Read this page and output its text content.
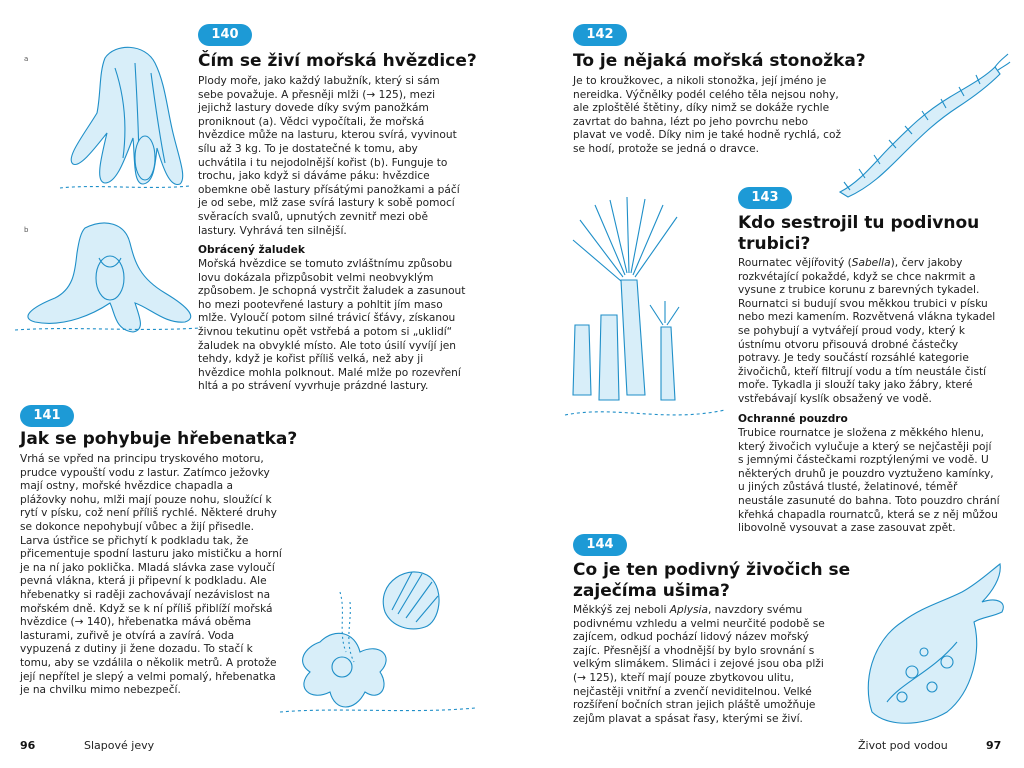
a
b
140
Čím se živí mořská hvězdice?

Plody moře, jako každý labužník, který si sám sebe považuje. A přesněji mlži (→ 125), mezi jejichž lastury dovede díky svým panožkám proniknout (a). Vědci vypočítali, že mořská hvězdice může na lasturu, kterou svírá, vyvinout sílu až 3 kg. To je dostatečné k tomu, aby uchvátila i tu nejodolnější kořist (b). Funguje to trochu, jako když si dáváme páku: hvězdice obemkne obě lastury přísátými panožkami a páčí je od sebe, mlž zase svírá lastury k sobě pomocí svěracích svalů, upnutých zevnitř mezi obě lastury. Vyhrává ten silnější.

Obrácený žaludek

Mořská hvězdice se tomuto zvláštnímu způsobu lovu dokázala přizpůsobit velmi neobvyklým způsobem. Je schopná vystrčit žaludek a zasunout ho mezi pootevřené lastury a pohltit jím maso mlže. Vyloučí potom silné trávicí šťávy, získanou živnou tekutinu opět vstřebá a potom si „uklidí“ žaludek na obvyklé místo. Ale toto úsilí vyvíjí jen tehdy, když je kořist příliš velká, než aby ji hvězdice mohla polknout. Malé mlže po rozevření hltá a po strávení vyvrhuje prázdné lastury.

141
Jak se pohybuje hřebenatka?

Vrhá se vpřed na principu tryskového motoru, prudce vypouští vodu z lastur. Zatímco ježovky mají ostny, mořské hvězdice chapadla a plážovky nohu, mlži mají pouze nohu, sloužící k rytí v písku, což není příliš rychlé. Některé druhy se dokonce nepohybují vůbec a žijí přisedle. Larva ústřice se přichytí k podkladu tak, že přicementuje spodní lasturu jako mističku a horní je na ní jako poklička. Mladá slávka zase vyloučí pevná vlákna, která ji připevní k podkladu. Ale hřebenatky si raději zachovávají nezávislost na mořském dně. Když se k ní příliš přiblíží mořská hvězdice (→ 140), hřebenatka mává oběma lasturami, zuřivě je otvírá a zavírá. Voda vypuzená z dutiny ji žene dozadu. To stačí k tomu, aby se vzdálila o několik metrů. A protože její nepřítel je slepý a velmi pomalý, hřebenatka je na chvilku mimo nebezpečí.

96	Slapové jevy
142
To je nějaká mořská stonožka?

Je to kroužkovec, a nikoli stonožka, její jméno je nereidka. Výčnělky podél celého těla nejsou nohy, ale zploštělé štětiny, díky nimž se dokáže rychle zavrtat do bahna, lézt po jeho povrchu nebo plavat ve vodě. Díky nim je také hodně rychlá, což se hodí, protože se jedná o dravce.

143
Kdo sestrojil tu podivnou
trubici?

Rournatec vějířovitý (Sabella), červ jakoby rozkvétající pokaždé, když se chce nakrmit a vysune z trubice korunu z barevných tykadel. Rournatci si budují svou měkkou trubici v písku nebo mezi kamením. Rozvětvená vlákna tykadel se pohybují a vytvářejí proud vody, který k ústnímu otvoru přisouvá drobné částečky potravy. Je tedy součástí rozsáhlé kategorie živočichů, kteří filtrují vodu a tím neustále čistí moře. Tykadla ji slouží taky jako žábry, které vstřebávají kyslík obsažený ve vodě.

Ochranné pouzdro

Trubice rournatce je složena z měkkého hlenu, který živočich vylučuje a který se nejčastěji pojí s jemnými částečkami rozptýlenými ve vodě. U některých druhů je pouzdro vyztuženo kamínky, u jiných zůstává tlusté, želatinové, téměř neustále zasunuté do bahna. Toto pouzdro chrání křehká chapadla rournatců, která se z něj můžou libovolně vysouvat a zase zasouvat zpět.

144
Co je ten podivný živočich se
zaječíma ušima?

Měkkýš zej neboli Aplysia, navzdory svému podivnému vzhledu a velmi neurčité podobě se zajícem, odkud pochází lidový název mořský zajíc. Přesnější a vhodnější by bylo srovnání s velkým slimákem. Slimáci i zejové jsou oba plži (→ 125), kteří mají pouze zbytkovou ulitu, nejčastěji vnitřní a zvenčí neviditelnou. Velké rozšíření bočních stran jejich pláště umožňuje zejům plavat a spásat řasy, kterými se živí.

Život pod vodou	97
